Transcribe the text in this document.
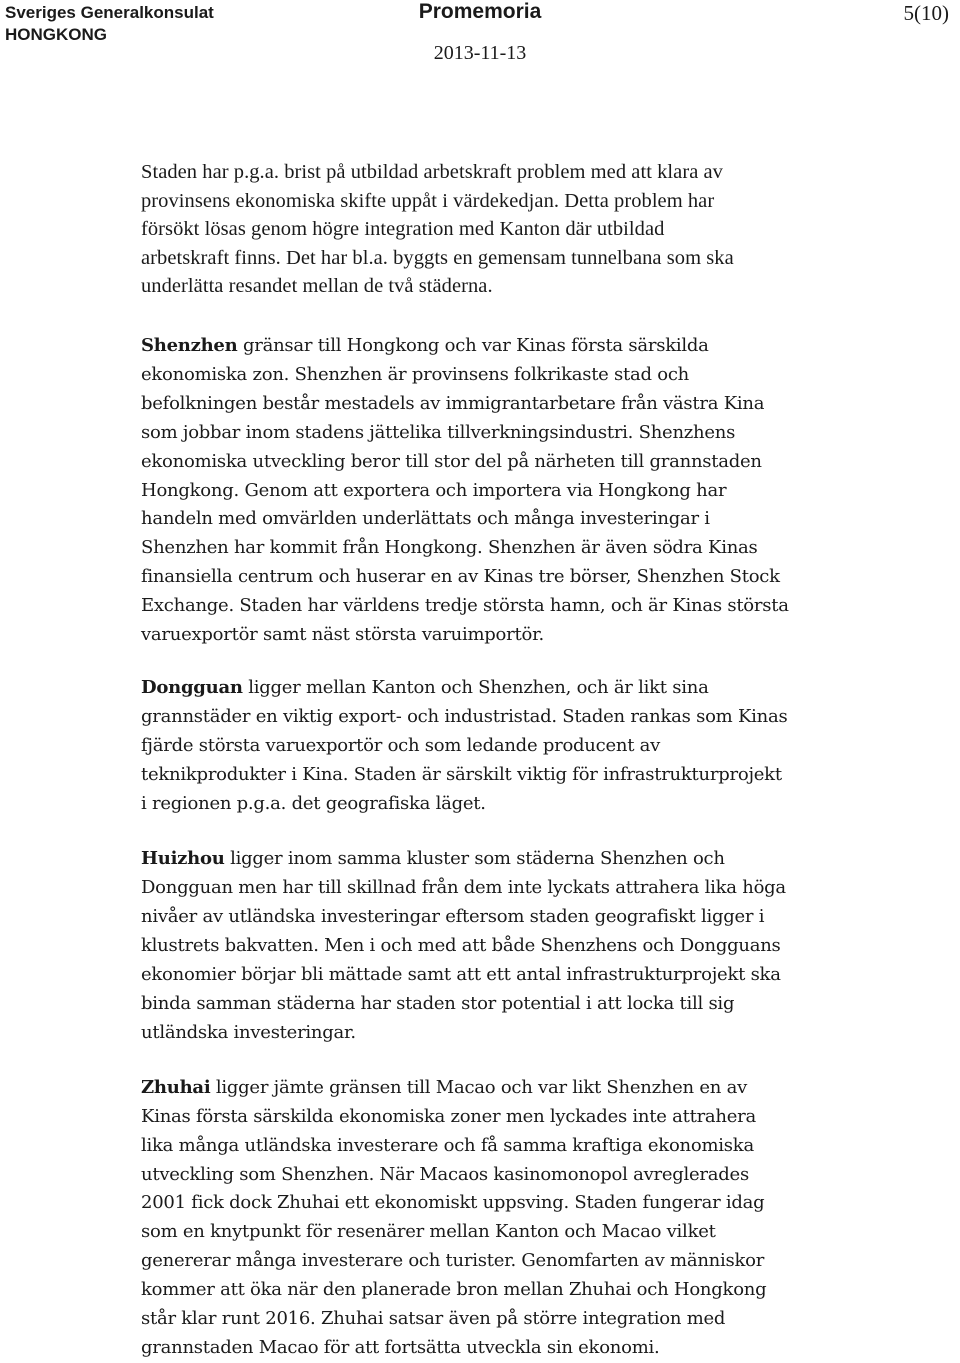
Sveriges Generalkonsulat
HONGKONG
Promemoria
2013-11-13
5(10)

Staden har p.g.a. brist på utbildad arbetskraft problem med att klara av
provinsens ekonomiska skifte uppåt i värdekedjan. Detta problem har
försökt lösas genom högre integration med Kanton där utbildad
arbetskraft finns. Det har bl.a. byggts en gemensam tunnelbana som ska
underlätta resandet mellan de två städerna.

Shenzhen gränsar till Hongkong och var Kinas första särskilda
ekonomiska zon. Shenzhen är provinsens folkrikaste stad och
befolkningen består mestadels av immigrantarbetare från västra Kina
som jobbar inom stadens jättelika tillverkningsindustri. Shenzhens
ekonomiska utveckling beror till stor del på närheten till grannstaden
Hongkong. Genom att exportera och importera via Hongkong har
handeln med omvärlden underlättats och många investeringar i
Shenzhen har kommit från Hongkong. Shenzhen är även södra Kinas
finansiella centrum och huserar en av Kinas tre börser, Shenzhen Stock
Exchange. Staden har världens tredje största hamn, och är Kinas största
varuexportör samt näst största varuimportör.

Dongguan ligger mellan Kanton och Shenzhen, och är likt sina
grannstäder en viktig export- och industristad. Staden rankas som Kinas
fjärde största varuexportör och som ledande producent av
teknikprodukter i Kina. Staden är särskilt viktig för infrastrukturprojekt
i regionen p.g.a. det geografiska läget.

Huizhou ligger inom samma kluster som städerna Shenzhen och
Dongguan men har till skillnad från dem inte lyckats attrahera lika höga
nivåer av utländska investeringar eftersom staden geografiskt ligger i
klustrets bakvatten. Men i och med att både Shenzhens och Dongguans
ekonomier börjar bli mättade samt att ett antal infrastrukturprojekt ska
binda samman städerna har staden stor potential i att locka till sig
utländska investeringar.

Zhuhai ligger jämte gränsen till Macao och var likt Shenzhen en av
Kinas första särskilda ekonomiska zoner men lyckades inte attrahera
lika många utländska investerare och få samma kraftiga ekonomiska
utveckling som Shenzhen. När Macaos kasinomonopol avreglerades
2001 fick dock Zhuhai ett ekonomiskt uppsving. Staden fungerar idag
som en knytpunkt för resenärer mellan Kanton och Macao vilket
genererar många investerare och turister. Genomfarten av människor
kommer att öka när den planerade bron mellan Zhuhai och Hongkong
står klar runt 2016. Zhuhai satsar även på större integration med
grannstaden Macao för att fortsätta utveckla sin ekonomi.
